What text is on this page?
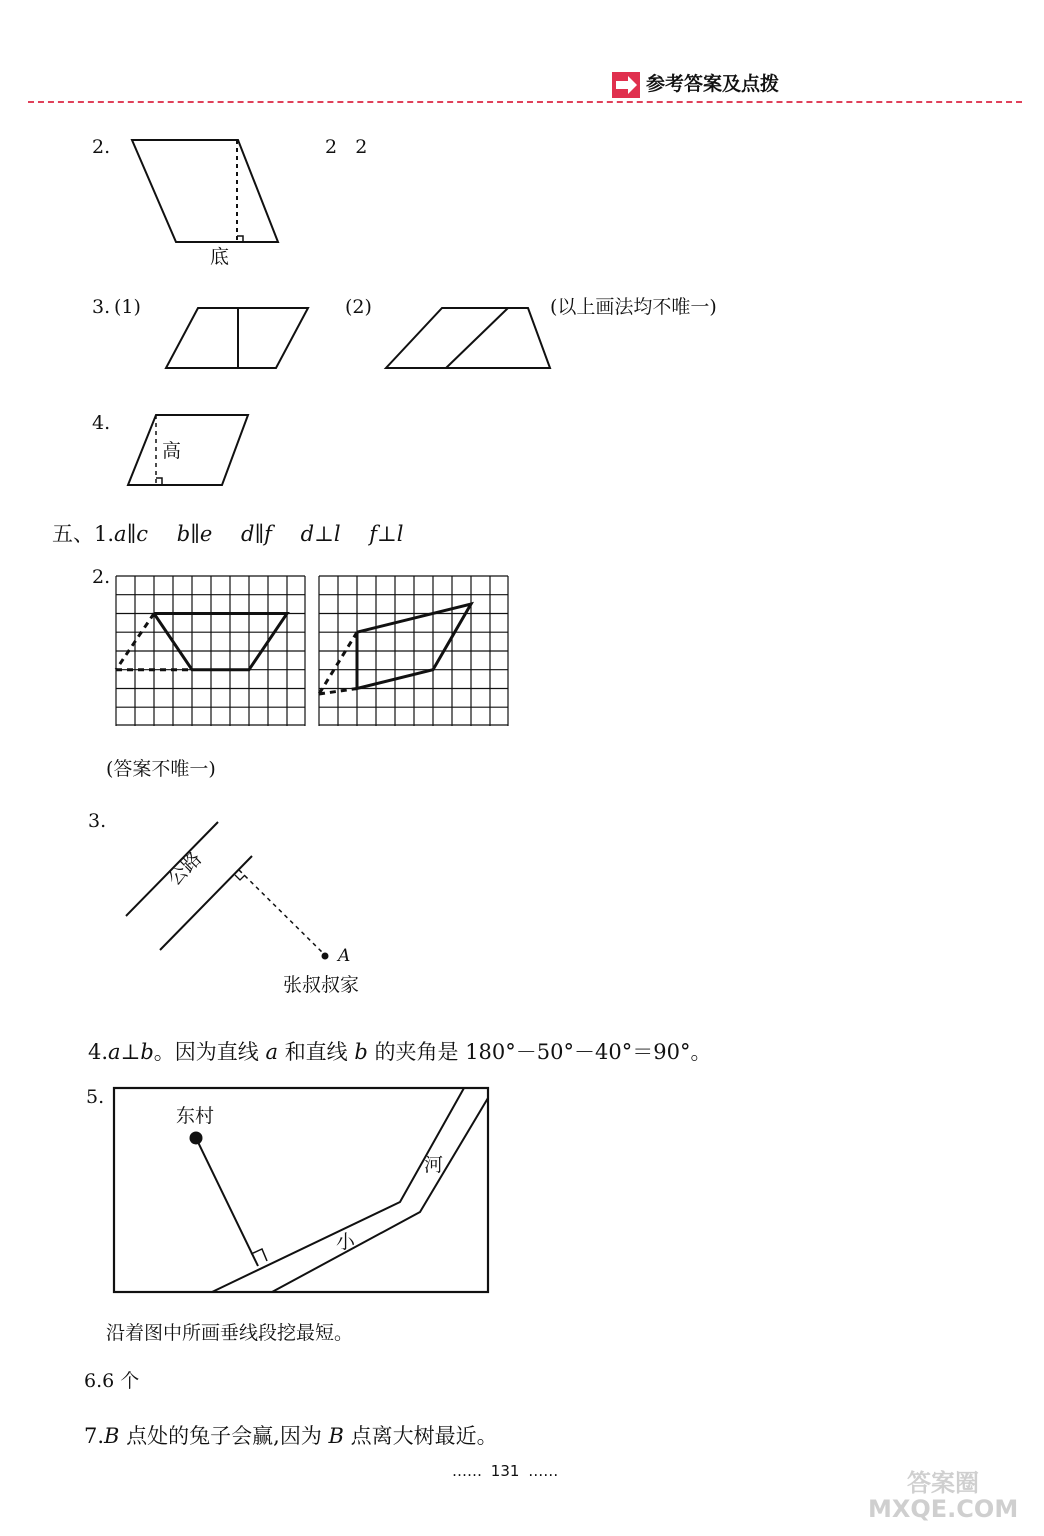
参考答案及点拨
2.
底
2   2
3. (1)	(2)	(以上画法均不唯一)
4.
高
五、1.a∥c b∥e d∥f d⊥l f⊥l
2.
(答案不唯一)
3.
公路
A
张叔叔家
4.a⊥b。因为直线 a 和直线 b 的夹角是 180°－50°－40°＝90°。
5.
东村
河
小
沿着图中所画垂线段挖最短。
6.6 个
7.B 点处的兔子会赢,因为 B 点离大树最近。
…… 131 ……	答案圈 MXQE.COM
